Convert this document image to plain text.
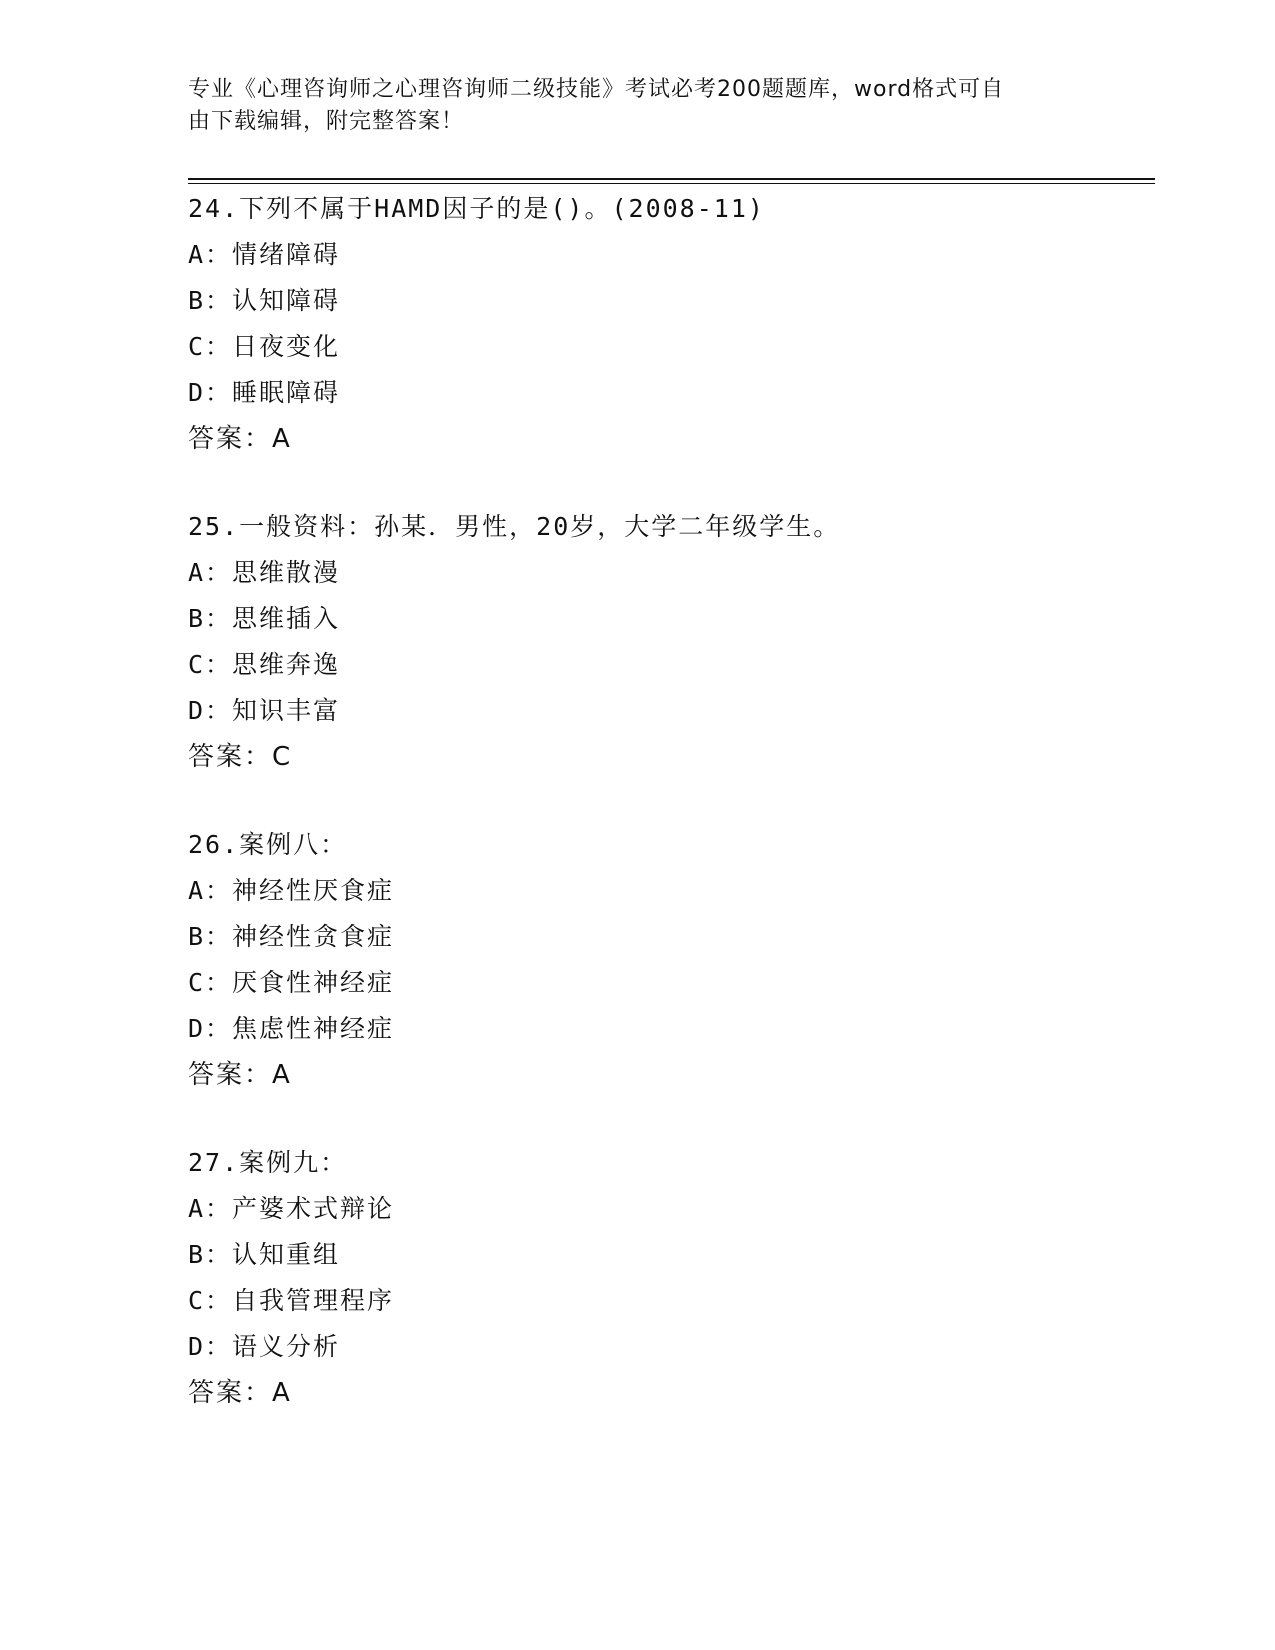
专业《心理咨询师之心理咨询师二级技能》考试必考200题题库，word格式可自
由下载编辑，附完整答案！
24.下列不属于HAMD因子的是()。(2008-11)
A：情绪障碍
B：认知障碍
C：日夜变化
D：睡眠障碍
答案：A
25.一般资料：孙某．男性，20岁，大学二年级学生。
A：思维散漫
B：思维插入
C：思维奔逸
D：知识丰富
答案：C
26.案例八：
A：神经性厌食症
B：神经性贪食症
C：厌食性神经症
D：焦虑性神经症
答案：A
27.案例九：
A：产婆术式辩论
B：认知重组
C：自我管理程序
D：语义分析
答案：A
